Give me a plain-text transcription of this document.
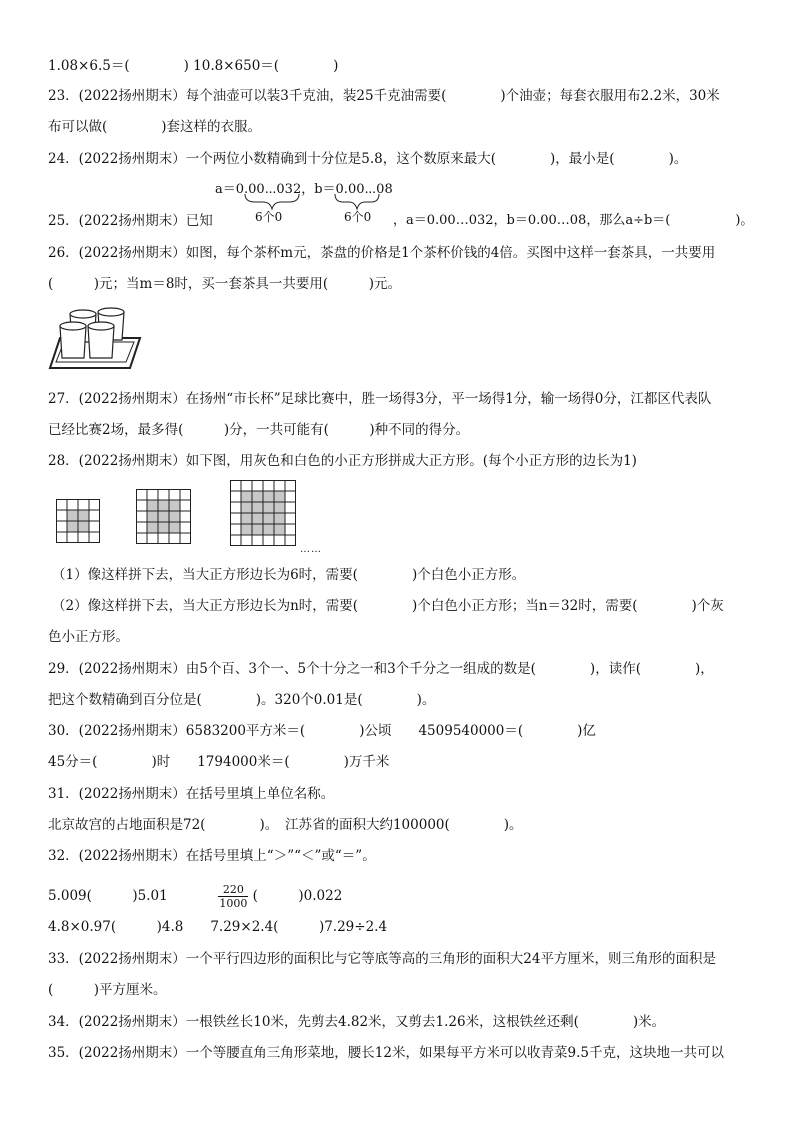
1.08×6.5＝(　　　　) 10.8×650＝(　　　　)
23．(2022扬州期末）每个油壶可以装3千克油，装25千克油需要(　　　　)个油壶；每套衣服用布2.2米，30米
布可以做(　　　　)套这样的衣服。
24．(2022扬州期末）一个两位小数精确到十分位是5.8，这个数原来最大(　　　　)，最小是(　　　　)。
a＝0.00⋯032，b＝0.00⋯08
6个0	6个0
25．(2022扬州期末）已知	，a＝0.00…032，b＝0.00…08，那么a÷b＝(　　　　　)。
26．(2022扬州期末）如图，每个茶杯m元，茶盘的价格是1个茶杯价钱的4倍。买图中这样一套茶具，一共要用
(　　　)元；当m＝8时，买一套茶具一共要用(　　　)元。
27．(2022扬州期末）在扬州“市长杯”足球比赛中，胜一场得3分，平一场得1分，输一场得0分，江都区代表队
已经比赛2场，最多得(　　　)分，一共可能有(　　　)种不同的得分。
28．(2022扬州期末）如下图，用灰色和白色的小正方形拼成大正方形。(每个小正方形的边长为1)
……
（1）像这样拼下去，当大正方形边长为6时，需要(　　　　)个白色小正方形。
（2）像这样拼下去，当大正方形边长为n时，需要(　　　　)个白色小正方形；当n＝32时，需要(　　　　)个灰
色小正方形。
29．(2022扬州期末）由5个百、3个一、5个十分之一和3个千分之一组成的数是(　　　　)，读作(　　　　)，
把这个数精确到百分位是(　　　　)。320个0.01是(　　　　)。
30．(2022扬州期末）6583200平方米＝(　　　　)公顷　　4509540000＝(　　　　)亿
45分＝(　　　　)时　　1794000米＝(　　　　)万千米
31．(2022扬州期末）在括号里填上单位名称。
北京故宫的占地面积是72(　　　　)。　江苏省的面积大约100000(　　　　)。
32．(2022扬州期末）在括号里填上“＞”“＜”或“＝”。
5.009(　　　)5.01	$\frac{220}{1000}$ (　　　)0.022
4.8×0.97(　　　)4.8　　7.29×2.4(　　　)7.29÷2.4
33．(2022扬州期末）一个平行四边形的面积比与它等底等高的三角形的面积大24平方厘米，则三角形的面积是
(　　　)平方厘米。
34．(2022扬州期末）一根铁丝长10米，先剪去4.82米，又剪去1.26米，这根铁丝还剩(　　　　)米。
35．(2022扬州期末）一个等腰直角三角形菜地，腰长12米，如果每平方米可以收青菜9.5千克，这块地一共可以
